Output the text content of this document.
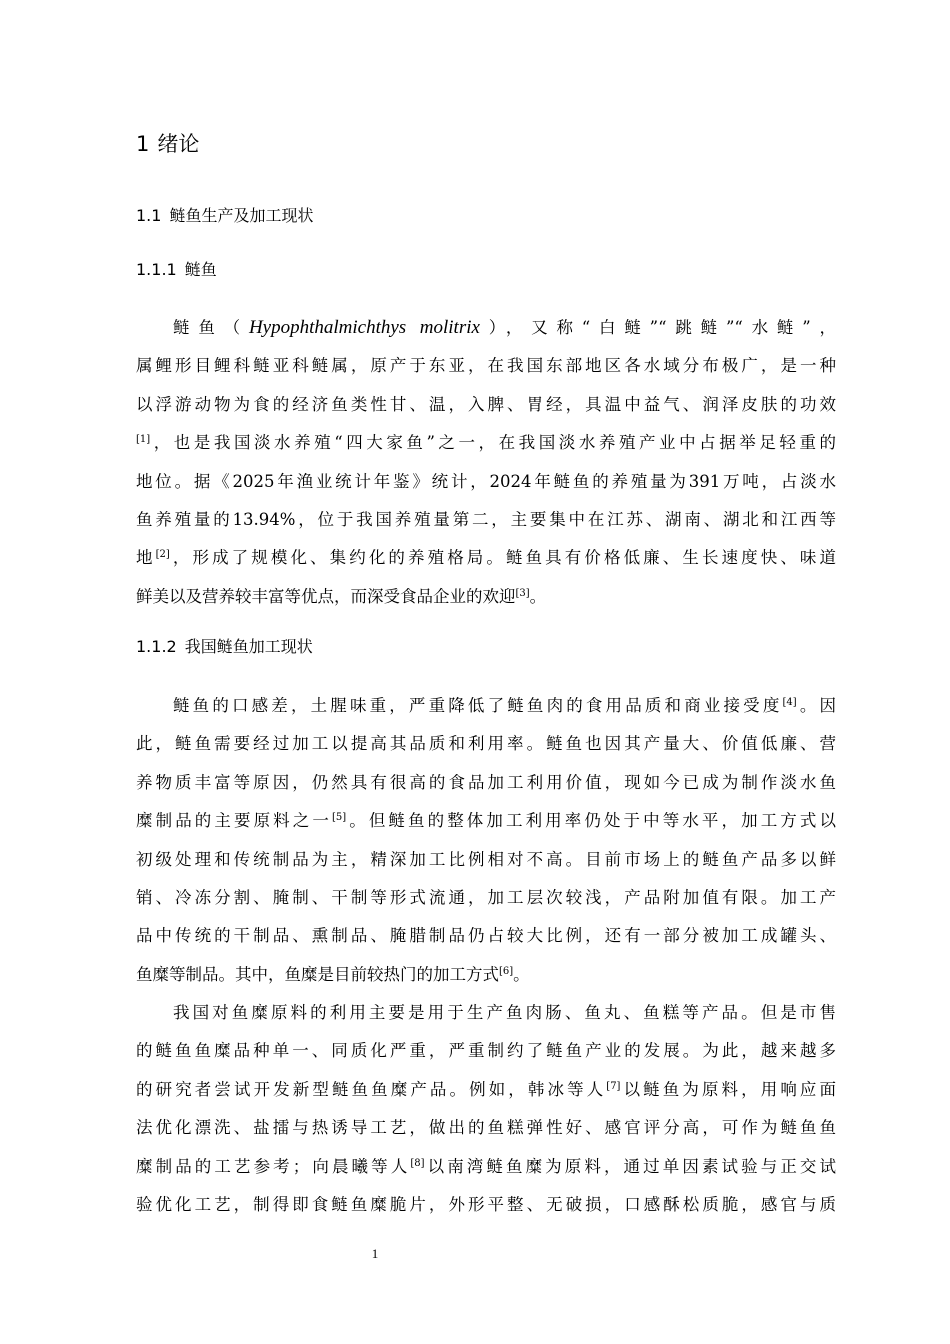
1 绪论
1.1 鲢鱼生产及加工现状
1.1.1 鲢鱼
鲢鱼（Hypophthalmichthys molitrix），又称“白鲢”“跳鲢”“水鲢”，
属鲤形目鲤科鲢亚科鲢属，原产于东亚，在我国东部地区各水域分布极广，是一种
以浮游动物为食的经济鱼类性甘、温，入脾、胃经，具温中益气、润泽皮肤的功效
[1]，也是我国淡水养殖“四大家鱼”之一，在我国淡水养殖产业中占据举足轻重的
地位。据《2025年渔业统计年鉴》统计，2024年鲢鱼的养殖量为391万吨，占淡水
鱼养殖量的13.94%，位于我国养殖量第二，主要集中在江苏、湖南、湖北和江西等
地[2]，形成了规模化、集约化的养殖格局。鲢鱼具有价格低廉、生长速度快、味道
鲜美以及营养较丰富等优点，而深受食品企业的欢迎[3]。
1.1.2 我国鲢鱼加工现状
鲢鱼的口感差，土腥味重，严重降低了鲢鱼肉的食用品质和商业接受度[4]。因
此，鲢鱼需要经过加工以提高其品质和利用率。鲢鱼也因其产量大、价值低廉、营
养物质丰富等原因，仍然具有很高的食品加工利用价值，现如今已成为制作淡水鱼
糜制品的主要原料之一[5]。但鲢鱼的整体加工利用率仍处于中等水平，加工方式以
初级处理和传统制品为主，精深加工比例相对不高。目前市场上的鲢鱼产品多以鲜
销、冷冻分割、腌制、干制等形式流通，加工层次较浅，产品附加值有限。加工产
品中传统的干制品、熏制品、腌腊制品仍占较大比例，还有一部分被加工成罐头、
鱼糜等制品。其中，鱼糜是目前较热门的加工方式[6]。
我国对鱼糜原料的利用主要是用于生产鱼肉肠、鱼丸、鱼糕等产品。但是市售
的鲢鱼鱼糜品种单一、同质化严重，严重制约了鲢鱼产业的发展。为此，越来越多
的研究者尝试开发新型鲢鱼鱼糜产品。例如，韩冰等人[7]以鲢鱼为原料，用响应面
法优化漂洗、盐擂与热诱导工艺，做出的鱼糕弹性好、感官评分高，可作为鲢鱼鱼
糜制品的工艺参考；向晨曦等人[8]以南湾鲢鱼糜为原料，通过单因素试验与正交试
验优化工艺，制得即食鲢鱼糜脆片，外形平整、无破损，口感酥松质脆，感官与质
1
